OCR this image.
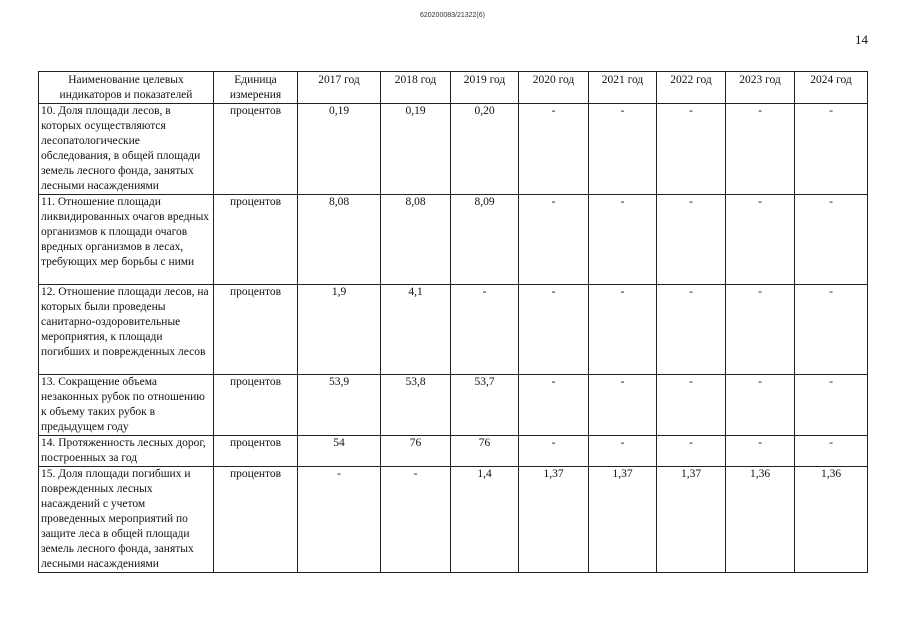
620200083/21322(6)
14
Наименование целевых индикаторов и показателей	Единица измерения	2017 год	2018 год	2019 год	2020 год	2021 год	2022 год	2023 год	2024 год
10. Доля площади лесов, в которых осуществляются лесопатологические обследования, в общей площади земель лесного фонда, занятых лесными насаждениями	процентов	0,19	0,19	0,20	-	-	-	-	-
11. Отношение площади ликвидированных очагов вредных организмов к площади очагов вредных организмов в лесах, требующих мер борьбы с ними	процентов	8,08	8,08	8,09	-	-	-	-	-
12. Отношение площади лесов, на которых были проведены санитарно-оздоровительные мероприятия, к площади погибших и поврежденных лесов	процентов	1,9	4,1	-	-	-	-	-	-
13. Сокращение объема незаконных рубок по отношению к объему таких рубок в предыдущем году	процентов	53,9	53,8	53,7	-	-	-	-	-
14. Протяженность лесных дорог, построенных за год	процентов	54	76	76	-	-	-	-	-
15. Доля площади погибших и поврежденных лесных насаждений с учетом проведенных мероприятий по защите леса в общей площади земель лесного фонда, занятых лесными насаждениями	процентов	-	-	1,4	1,37	1,37	1,37	1,36	1,36
